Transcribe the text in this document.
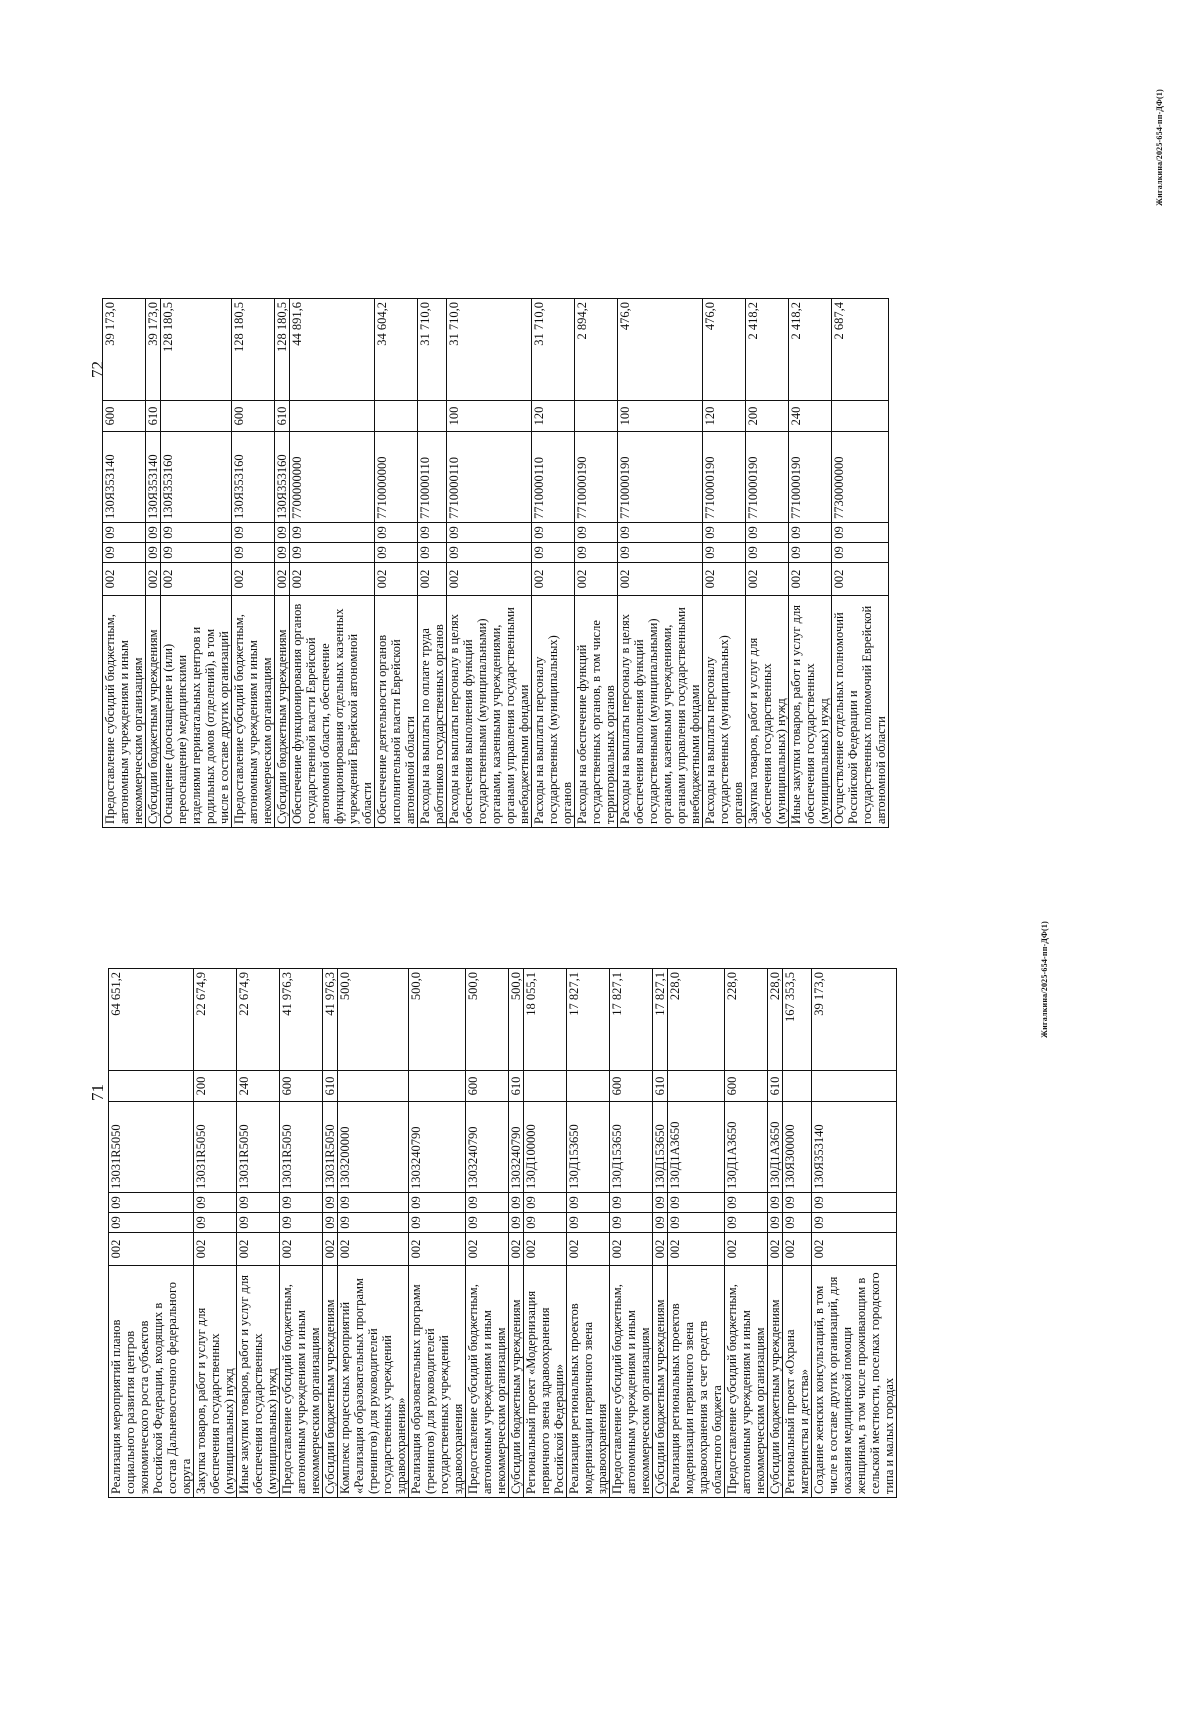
71
Реализация мероприятий планов социального развития центров экономического роста субъектов Российской Федерации, входящих в состав Дальневосточного федерального округа	002	09	09	13031R5050		64 651,2
Закупка товаров, работ и услуг для обеспечения государственных (муниципальных) нужд	002	09	09	13031R5050	200	22 674,9
Иные закупки товаров, работ и услуг для обеспечения государственных (муниципальных) нужд	002	09	09	13031R5050	240	22 674,9
Предоставление субсидий бюджетным, автономным учреждениям и иным некоммерческим организациям	002	09	09	13031R5050	600	41 976,3
Субсидии бюджетным учреждениям	002	09	09	13031R5050	610	41 976,3
Комплекс процессных мероприятий «Реализация образовательных программ (тренингов) для руководителей государственных учреждений здравоохранения»	002	09	09	1303200000		500,0
Реализация образовательных программ (тренингов) для руководителей государственных учреждений здравоохранения	002	09	09	1303240790		500,0
Предоставление субсидий бюджетным, автономным учреждениям и иным некоммерческим организациям	002	09	09	1303240790	600	500,0
Субсидии бюджетным учреждениям	002	09	09	1303240790	610	500,0
Региональный проект «Модернизация первичного звена здравоохранения Российской Федерации»	002	09	09	130Д100000		18 055,1
Реализация региональных проектов модернизации первичного звена здравоохранения	002	09	09	130Д153650		17 827,1
Предоставление субсидий бюджетным, автономным учреждениям и иным некоммерческим организациям	002	09	09	130Д153650	600	17 827,1
Субсидии бюджетным учреждениям	002	09	09	130Д153650	610	17 827,1
Реализация региональных проектов модернизации первичного звена здравоохранения за счет средств областного бюджета	002	09	09	130Д1А3650		228,0
Предоставление субсидий бюджетным, автономным учреждениям и иным некоммерческим организациям	002	09	09	130Д1А3650	600	228,0
Субсидии бюджетным учреждениям	002	09	09	130Д1А3650	610	228,0
Региональный проект «Охрана материнства и детства»	002	09	09	130Я300000		167 353,5
Создание женских консультаций, в том числе в составе других организаций, для оказания медицинской помощи женщинам, в том числе проживающим в сельской местности, поселках городского типа и малых городах	002	09	09	130Я353140		39 173,0	Жигалкина/2025-654-пп-ДФ(1)
72
Предоставление субсидий бюджетным, автономным учреждениям и иным некоммерческим организациям	002	09	09	130Я353140	600	39 173,0
Субсидии бюджетным учреждениям	002	09	09	130Я353140	610	39 173,0
Оснащение (дооснащение и (или) переоснащение) медицинскими изделиями перинатальных центров и родильных домов (отделений), в том числе в составе других организаций	002	09	09	130Я353160		128 180,5
Предоставление субсидий бюджетным, автономным учреждениям и иным некоммерческим организациям	002	09	09	130Я353160	600	128 180,5
Субсидии бюджетным учреждениям	002	09	09	130Я353160	610	128 180,5
Обеспечение функционирования органов государственной власти Еврейской автономной области, обеспечение функционирования отдельных казенных учреждений Еврейской автономной области	002	09	09	7700000000		44 891,6
Обеспечение деятельности органов исполнительной власти Еврейской автономной области	002	09	09	7710000000		34 604,2
Расходы на выплаты по оплате труда работников государственных органов	002	09	09	7710000110		31 710,0
Расходы на выплаты персоналу в целях обеспечения выполнения функций государственными (муниципальными) органами, казенными учреждениями, органами управления государственными внебюджетными фондами	002	09	09	7710000110	100	31 710,0
Расходы на выплаты персоналу государственных (муниципальных) органов	002	09	09	7710000110	120	31 710,0
Расходы на обеспечение функций государственных органов, в том числе территориальных органов	002	09	09	7710000190		2 894,2
Расходы на выплаты персоналу в целях обеспечения выполнения функций государственными (муниципальными) органами, казенными учреждениями, органами управления государственными внебюджетными фондами	002	09	09	7710000190	100	476,0
Расходы на выплаты персоналу государственных (муниципальных) органов	002	09	09	7710000190	120	476,0
Закупка товаров, работ и услуг для обеспечения государственных (муниципальных) нужд	002	09	09	7710000190	200	2 418,2
Иные закупки товаров, работ и услуг для обеспечения государственных (муниципальных) нужд	002	09	09	7710000190	240	2 418,2
Осуществление отдельных полномочий Российской Федерации и государственных полномочий Еврейской автономной области	002	09	09	7730000000		2 687,4
Жигалкина/2025-654-пп-ДФ(1)
